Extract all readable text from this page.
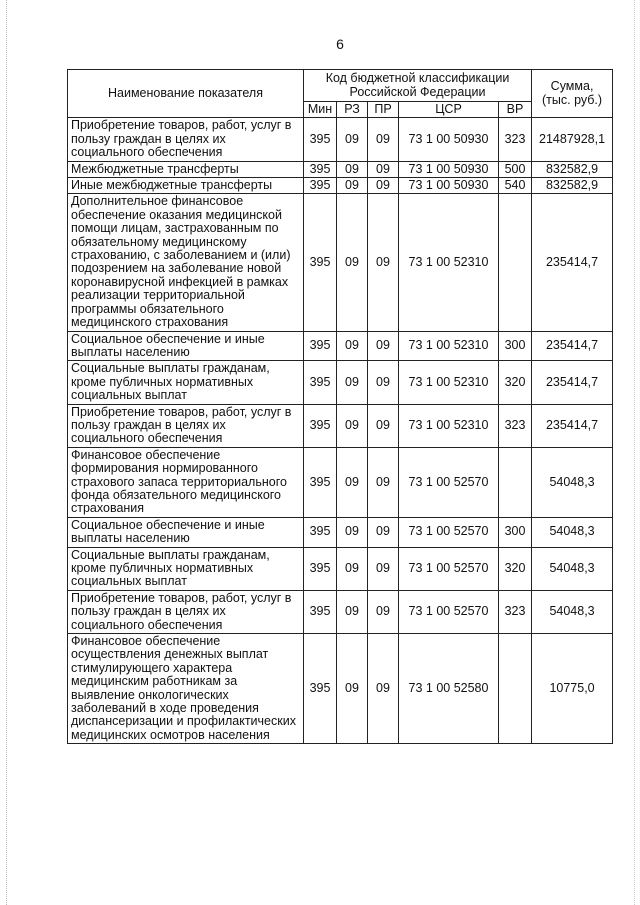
6
Наименование показателя	Код бюджетной классификации Российской Федерации					Сумма, (тыс. руб.)
	Мин	РЗ	ПР	ЦСР	ВР	
Приобретение товаров, работ, услуг в пользу граждан в целях их социального обеспечения	395	09	09	73 1 00 50930	323	21487928,1
Межбюджетные трансферты	395	09	09	73 1 00 50930	500	832582,9
Иные межбюджетные трансферты	395	09	09	73 1 00 50930	540	832582,9
Дополнительное финансовое обеспечение оказания медицинской помощи лицам, застрахованным по обязательному медицинскому страхованию, с заболеванием и (или) подозрением на заболевание новой коронавирусной инфекцией в рамках реализации территориальной программы обязательного медицинского страхования	395	09	09	73 1 00 52310		235414,7
Социальное обеспечение и иные выплаты населению	395	09	09	73 1 00 52310	300	235414,7
Социальные выплаты гражданам, кроме публичных нормативных социальных выплат	395	09	09	73 1 00 52310	320	235414,7
Приобретение товаров, работ, услуг в пользу граждан в целях их социального обеспечения	395	09	09	73 1 00 52310	323	235414,7
Финансовое обеспечение формирования нормированного страхового запаса территориального фонда обязательного медицинского страхования	395	09	09	73 1 00 52570		54048,3
Социальное обеспечение и иные выплаты населению	395	09	09	73 1 00 52570	300	54048,3
Социальные выплаты гражданам, кроме публичных нормативных социальных выплат	395	09	09	73 1 00 52570	320	54048,3
Приобретение товаров, работ, услуг в пользу граждан в целях их социального обеспечения	395	09	09	73 1 00 52570	323	54048,3
Финансовое обеспечение осуществления денежных выплат стимулирующего характера медицинским работникам за выявление онкологических заболеваний в ходе проведения диспансеризации и профилактических медицинских осмотров населения	395	09	09	73 1 00 52580		10775,0
